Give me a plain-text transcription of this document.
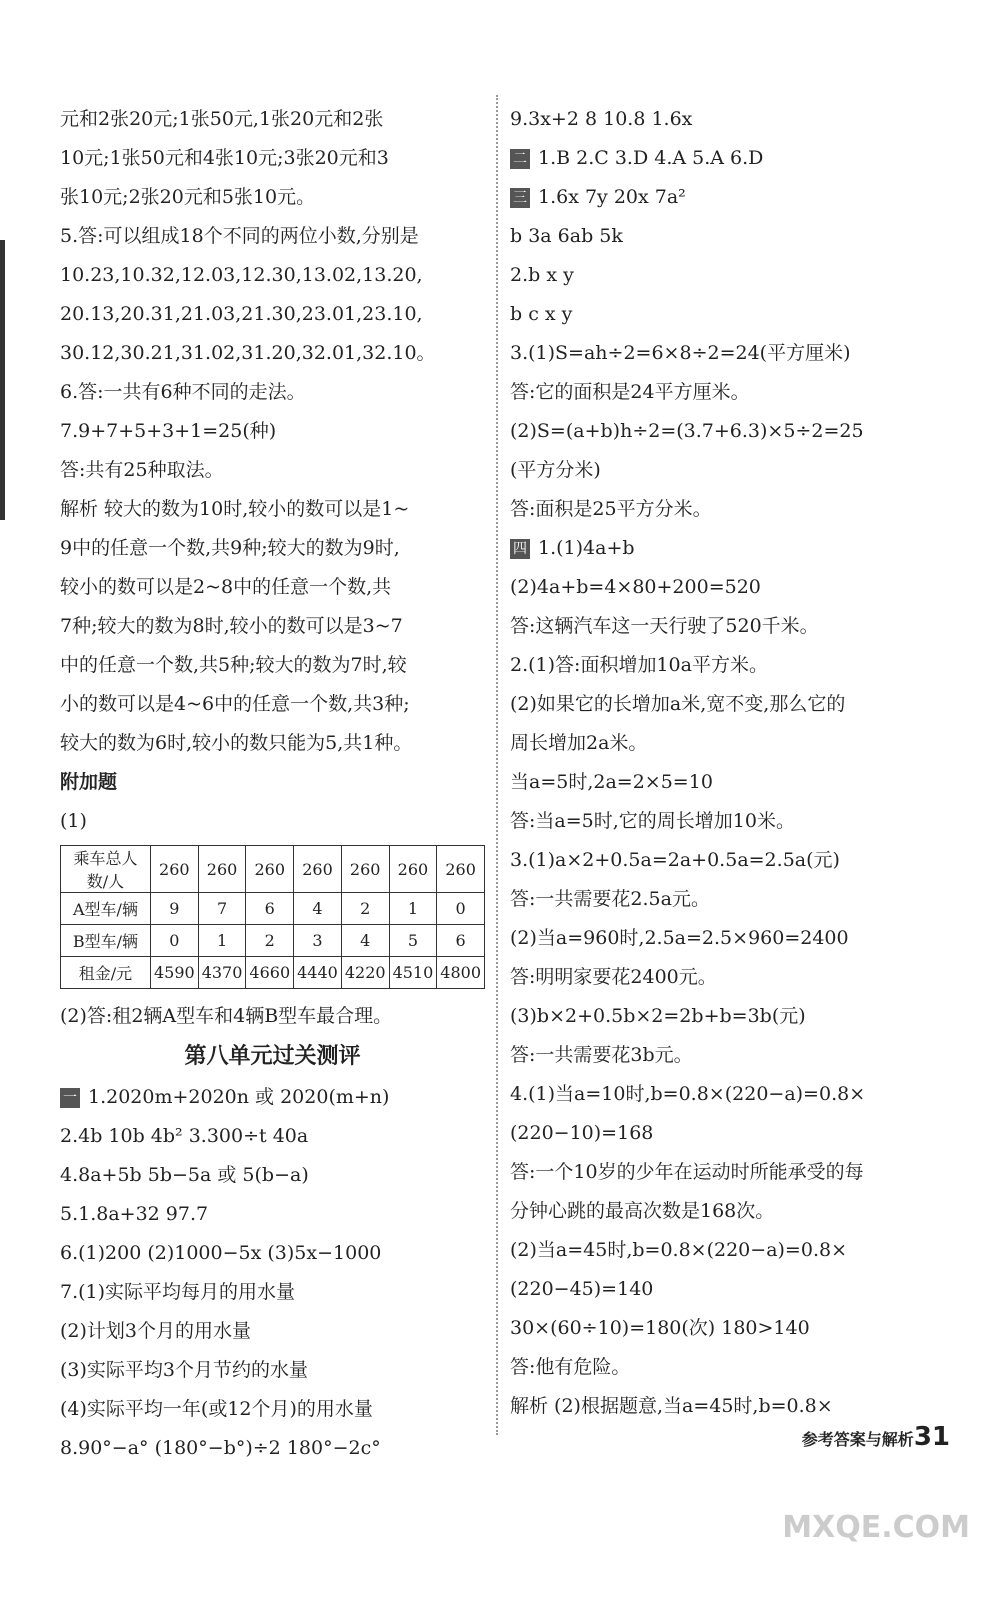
元和2张20元;1张50元,1张20元和2张
10元;1张50元和4张10元;3张20元和3
张10元;2张20元和5张10元。
5.答:可以组成18个不同的两位小数,分别是
10.23,10.32,12.03,12.30,13.02,13.20,
20.13,20.31,21.03,21.30,23.01,23.10,
30.12,30.21,31.02,31.20,32.01,32.10。
6.答:一共有6种不同的走法。
7.9+7+5+3+1=25(种)
答:共有25种取法。
解析 较大的数为10时,较小的数可以是1~
9中的任意一个数,共9种;较大的数为9时,
较小的数可以是2~8中的任意一个数,共
7种;较大的数为8时,较小的数可以是3~7
中的任意一个数,共5种;较大的数为7时,较
小的数可以是4~6中的任意一个数,共3种;
较大的数为6时,较小的数只能为5,共1种。
附加题
(1)
乘车总人数/人	260	260	260	260	260	260	260
A型车/辆	9	7	6	4	2	1	0
B型车/辆	0	1	2	3	4	5	6
租金/元	4590	4370	4660	4440	4220	4510	4800
(2)答:租2辆A型车和4辆B型车最合理。
第八单元过关测评
一 1.2020m+2020n 或 2020(m+n)
2.4b 10b 4b² 3.300÷t 40a
4.8a+5b 5b−5a 或 5(b−a)
5.1.8a+32 97.7
6.(1)200 (2)1000−5x (3)5x−1000
7.(1)实际平均每月的用水量
(2)计划3个月的用水量
(3)实际平均3个月节约的水量
(4)实际平均一年(或12个月)的用水量
8.90°−a° (180°−b°)÷2 180°−2c°
9.3x+2 8 10.8 1.6x
二 1.B 2.C 3.D 4.A 5.A 6.D
三 1.6x 7y 20x 7a²
b 3a 6ab 5k
2.b x y
b c x y
3.(1)S=ah÷2=6×8÷2=24(平方厘米)
答:它的面积是24平方厘米。
(2)S=(a+b)h÷2=(3.7+6.3)×5÷2=25
(平方分米)
答:面积是25平方分米。
四 1.(1)4a+b
(2)4a+b=4×80+200=520
答:这辆汽车这一天行驶了520千米。
2.(1)答:面积增加10a平方米。
(2)如果它的长增加a米,宽不变,那么它的
周长增加2a米。
当a=5时,2a=2×5=10
答:当a=5时,它的周长增加10米。
3.(1)a×2+0.5a=2a+0.5a=2.5a(元)
答:一共需要花2.5a元。
(2)当a=960时,2.5a=2.5×960=2400
答:明明家要花2400元。
(3)b×2+0.5b×2=2b+b=3b(元)
答:一共需要花3b元。
4.(1)当a=10时,b=0.8×(220−a)=0.8×
(220−10)=168
答:一个10岁的少年在运动时所能承受的每
分钟心跳的最高次数是168次。
(2)当a=45时,b=0.8×(220−a)=0.8×
(220−45)=140
30×(60÷10)=180(次) 180>140
答:他有危险。
解析 (2)根据题意,当a=45时,b=0.8×
参考答案与解析31
MXQE.COM
